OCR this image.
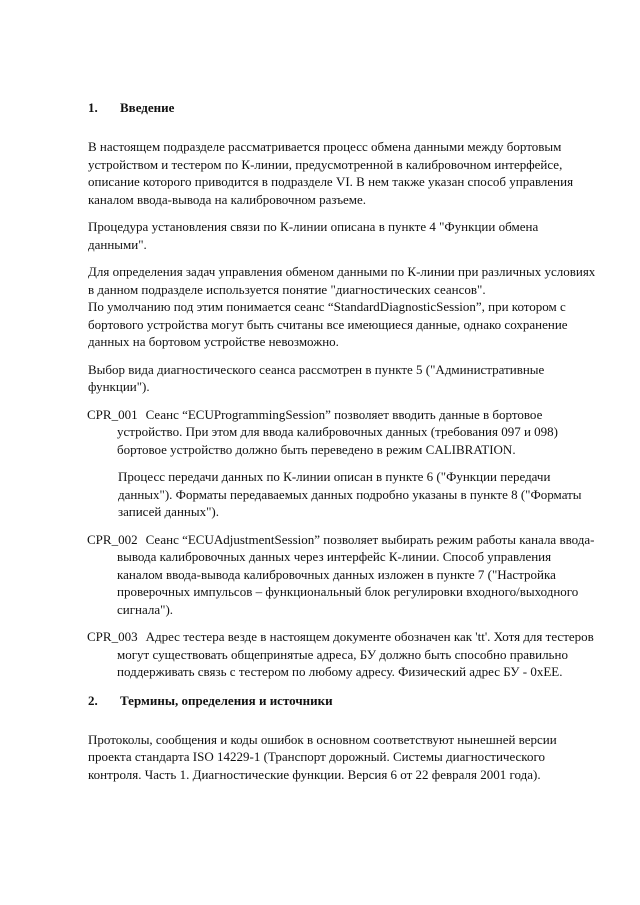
1.	Введение

В настоящем подразделе рассматривается процесс обмена данными между бортовым устройством и тестером по К-линии, предусмотренной в калибровочном интерфейсе, описание которого приводится в подразделе VI. В нем также указан способ управления каналом ввода-вывода на калибровочном разъеме.

Процедура установления связи по К-линии описана в пункте 4 "Функции обмена данными".

Для определения задач управления обменом данными по К-линии при различных условиях в данном подразделе используется понятие "диагностических сеансов".

По умолчанию под этим понимается сеанс “StandardDiagnosticSession”, при котором с бортового устройства могут быть считаны все имеющиеся данные, однако сохранение данных на бортовом устройстве невозможно.

Выбор вида диагностического сеанса рассмотрен в пункте 5 ("Административные функции").

CPR_001 Сеанс “ECUProgrammingSession” позволяет вводить данные в бортовое устройство. При этом для ввода калибровочных данных (требования 097 и 098) бортовое устройство должно быть переведено в режим CALIBRATION.
Процесс передачи данных по К-линии описан в пункте 6 ("Функции передачи данных"). Форматы передаваемых данных подробно указаны в пункте 8 ("Форматы записей данных").
CPR_002 Сеанс “ECUAdjustmentSession” позволяет выбирать режим работы канала ввода-вывода калибровочных данных через интерфейс К-линии. Способ управления каналом ввода-вывода калибровочных данных изложен в пункте 7 ("Настройка проверочных импульсов – функциональный блок регулировки входного/выходного сигнала").
CPR_003 Адрес тестера везде в настоящем документе обозначен как 'tt'. Хотя для тестеров могут существовать общепринятые адреса, БУ должно быть способно правильно поддерживать связь с тестером по любому адресу. Физический адрес БУ - 0xEE.
2.	Термины, определения и источники

Протоколы, сообщения и коды ошибок в основном соответствуют нынешней версии проекта стандарта ISO 14229-1 (Транспорт дорожный. Системы диагностического контроля. Часть 1. Диагностические функции. Версия 6 от 22 февраля 2001 года).
